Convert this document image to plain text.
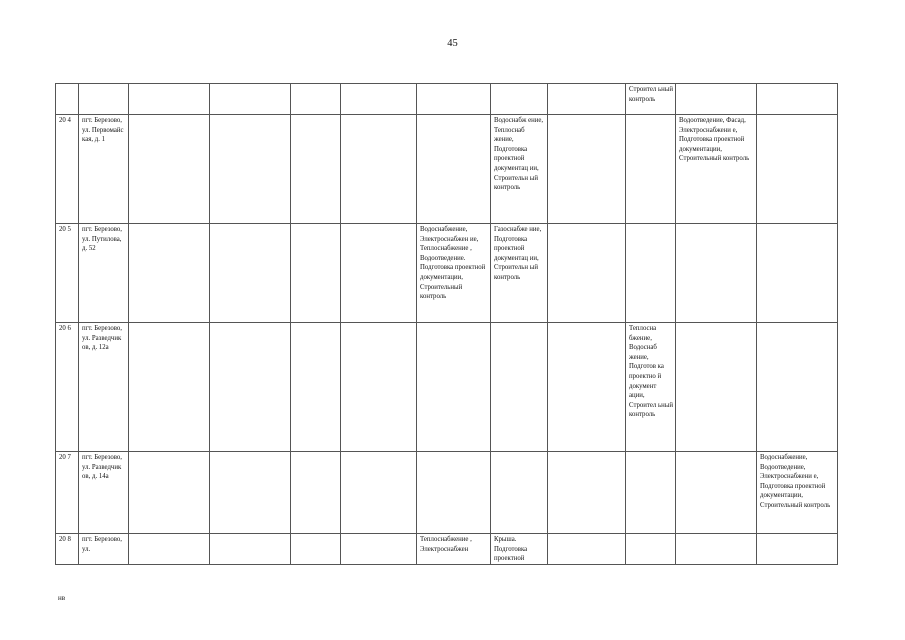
45
									Строител ьный контроль		
20 4	пгт. Березово, ул. Первомайс кая, д. 1						Водоснабж ение, Теплоснаб жение, Подготовка проектной документац ии, Строительн ый контроль			Водоотведение, Фасад, Электроснабжени е, Подготовка проектной документации, Строительный контроль	
20 5	пгт. Березово, ул. Путилова, д. 52					Водоснабжение, Электроснабжен ие, Теплоснабжение , Водоотведение. Подготовка проектной документации, Строительный контроль	Газоснабже ние, Подготовка проектной документац ии, Строительн ый контроль				
20 6	пгт. Березово, ул. Разведчик ов, д. 12а								Теплосна бжение, Водоснаб жение, Подготов ка проектно й документ ации, Строител ьный контроль		
20 7	пгт. Березово, ул. Разведчик ов, д. 14а										Водоснабжение, Водоотведение, Электроснабжени е, Подготовка проектной документации, Строительный контроль
20 8	пгт. Березово, ул.					Теплоснабжение , Электроснабжен	Крыша. Подготовка проектной				
нв
